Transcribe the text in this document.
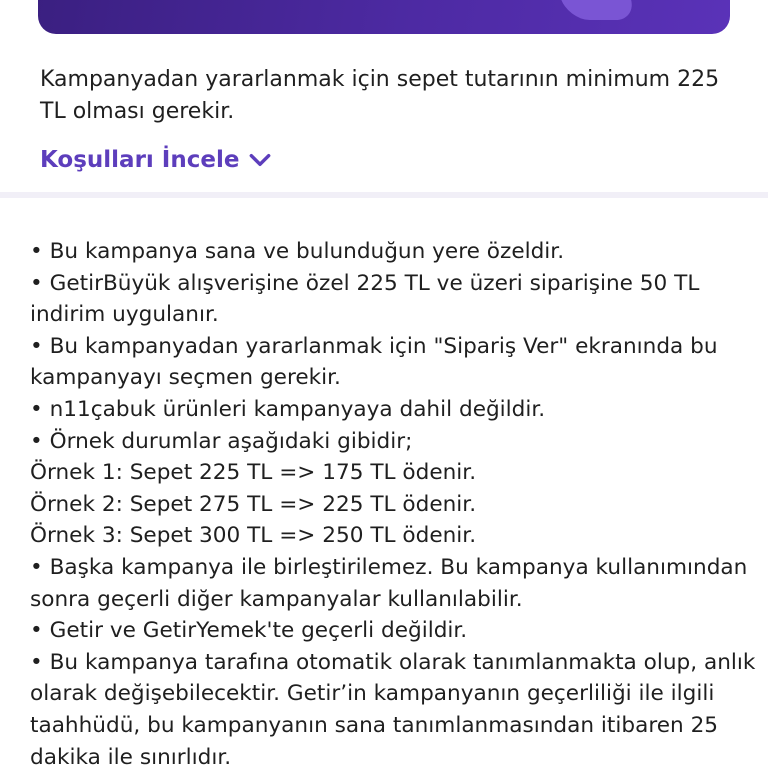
Kampanyadan yararlanmak için sepet tutarının minimum 225 TL olması gerekir.

Koşulları İncele
• Bu kampanya sana ve bulunduğun yere özeldir.
• GetirBüyük alışverişine özel 225 TL ve üzeri siparişine 50 TL indirim uygulanır.
• Bu kampanyadan yararlanmak için "Sipariş Ver" ekranında bu kampanyayı seçmen gerekir.
• n11çabuk ürünleri kampanyaya dahil değildir.
• Örnek durumlar aşağıdaki gibidir;
Örnek 1: Sepet 225 TL => 175 TL ödenir.
Örnek 2: Sepet 275 TL => 225 TL ödenir.
Örnek 3: Sepet 300 TL => 250 TL ödenir.
• Başka kampanya ile birleştirilemez. Bu kampanya kullanımından sonra geçerli diğer kampanyalar kullanılabilir.
• Getir ve GetirYemek'te geçerli değildir.
• Bu kampanya tarafına otomatik olarak tanımlanmakta olup, anlık olarak değişebilecektir. Getir’in kampanyanın geçerliliği ile ilgili taahhüdü, bu kampanyanın sana tanımlanmasından itibaren 25 dakika ile sınırlıdır.
